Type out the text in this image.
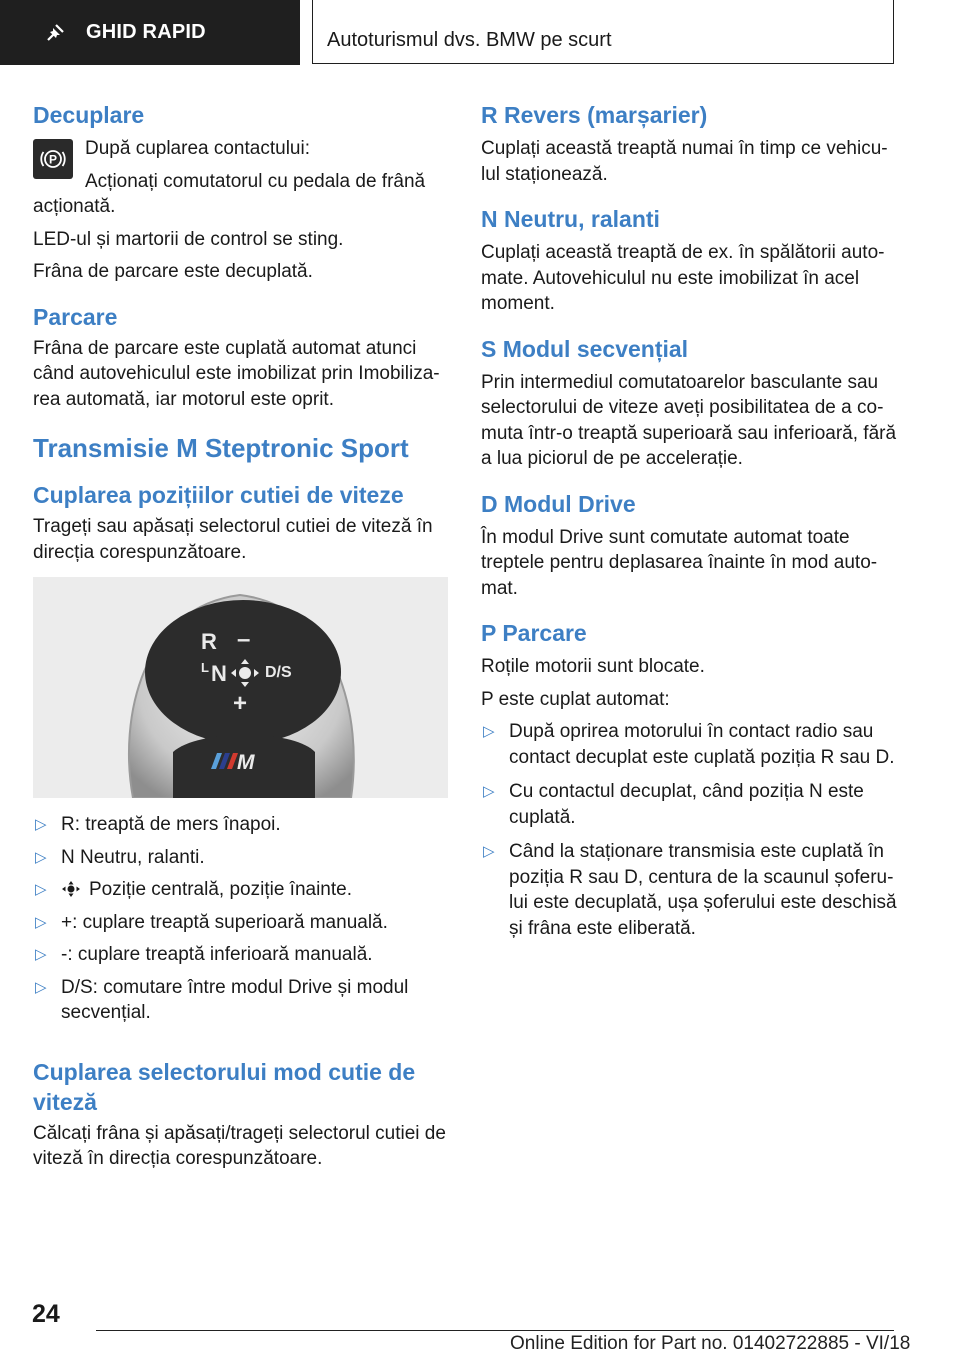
GHID RAPID	Autoturismul dvs. BMW pe scurt
Decuplare
P

După cuplarea contactului:

Acționați comutatorul cu pedala de frână acționată.

LED-ul și martorii de control se sting.

Frâna de parcare este decuplată.

Parcare

Frâna de parcare este cuplată automat atunci când autovehiculul este imobilizat prin Imobiliza-rea automată, iar motorul este oprit.

Transmisie M Steptronic Sport
Cuplarea pozițiilor cutiei de viteze

Trageți sau apăsați selectorul cutiei de viteză în direcția corespunzătoare.

R –
L N D/S
+
M
▷ R: treaptă de mers înapoi.
▷ N Neutru, ralanti.
▷ Poziție centrală, poziție înainte.
▷ +: cuplare treaptă superioară manuală.
▷ -: cuplare treaptă inferioară manuală.
▷ D/S: comutare între modul Drive și modul secvențial.
Cuplarea selectorului mod cutie de viteză

Călcați frâna și apăsați/trageți selectorul cutiei de viteză în direcția corespunzătoare.

R Revers (marșarier)

Cuplați această treaptă numai în timp ce vehicu-lul staționează.

N Neutru, ralanti

Cuplați această treaptă de ex. în spălătorii auto-mate. Autovehiculul nu este imobilizat în acel moment.

S Modul secvențial

Prin intermediul comutatoarelor basculante sau selectorului de viteze aveți posibilitatea de a co-muta într-o treaptă superioară sau inferioară, fără a lua piciorul de pe accelerație.

D Modul Drive

În modul Drive sunt comutate automat toate treptele pentru deplasarea înainte în mod auto-mat.

P Parcare

Roțile motorii sunt blocate.

P este cuplat automat:

▷ După oprirea motorului în contact radio sau contact decuplat este cuplată poziția R sau D.
▷ Cu contactul decuplat, când poziția N este cuplată.
▷ Când la staționare transmisia este cuplată în poziția R sau D, centura de la scaunul șoferu-lui este decuplată, ușa șoferului este deschisă și frâna este eliberată.
24
Online Edition for Part no. 01402722885 - VI/18
